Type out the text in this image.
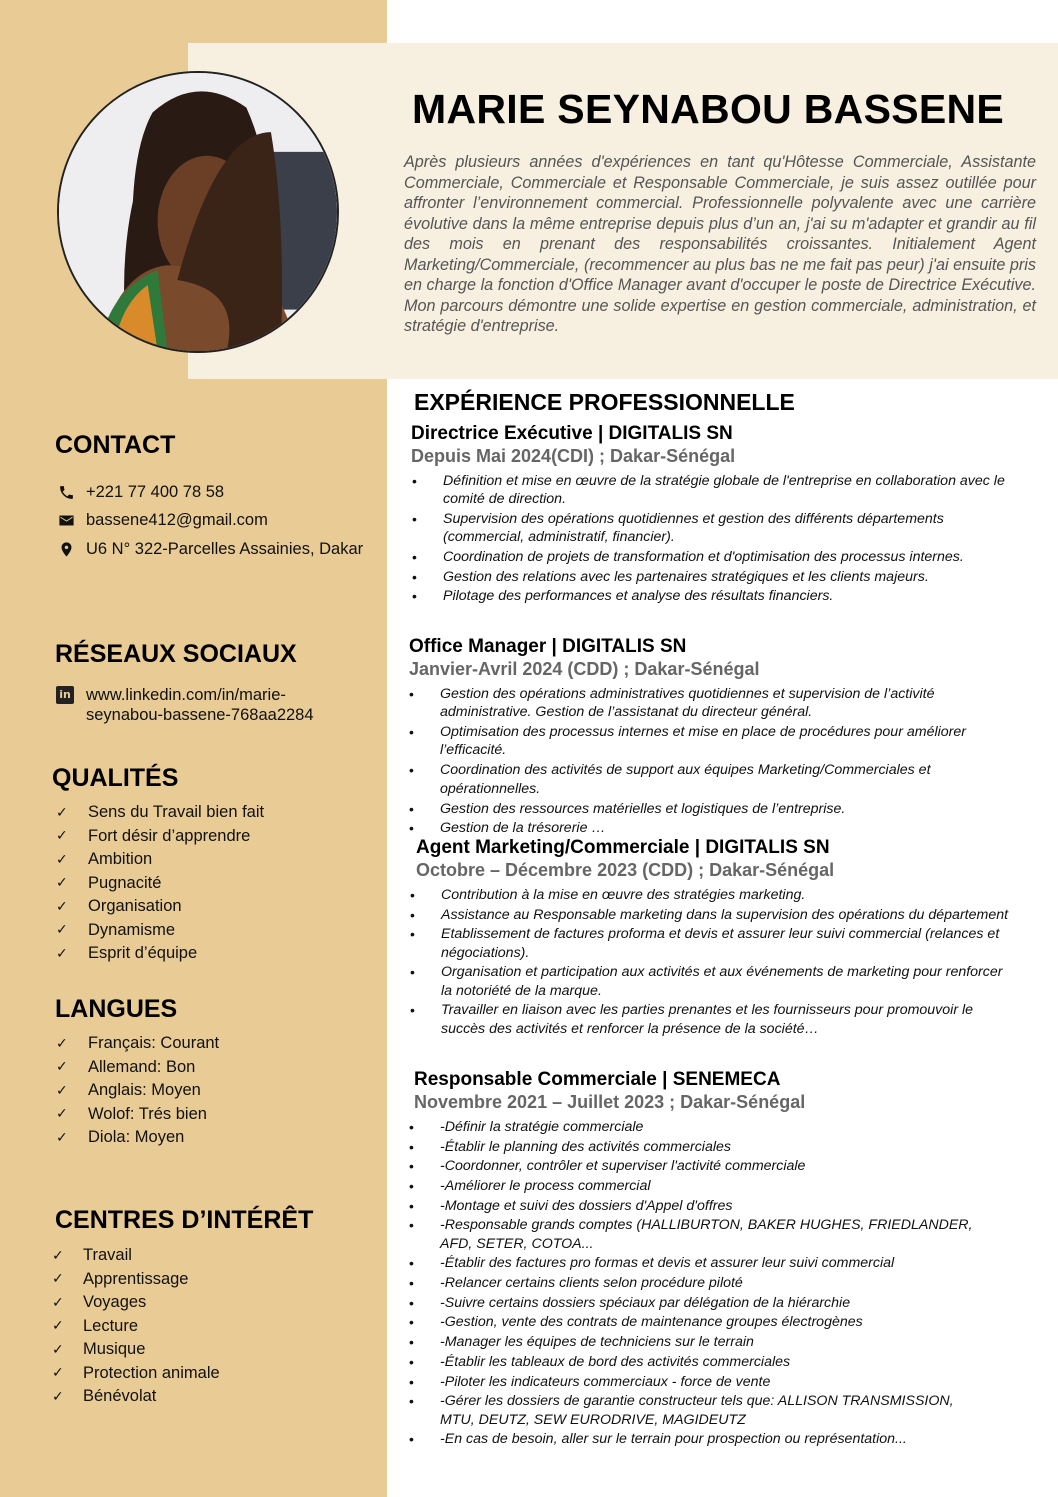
MARIE SEYNABOU BASSENE
Après plusieurs années d'expériences en tant qu'Hôtesse Commerciale, Assistante Commerciale, Commerciale et Responsable Commerciale, je suis assez outillée pour affronter l’environnement commercial. Professionnelle polyvalente avec une carrière évolutive dans la même entreprise depuis plus d’un an, j'ai su m'adapter et grandir au fil des mois en prenant des responsabilités croissantes. Initialement Agent Marketing/Commerciale, (recommencer au plus bas ne me fait pas peur) j'ai ensuite pris en charge la fonction d'Office Manager avant d'occuper le poste de Directrice Exécutive. Mon parcours démontre une solide expertise en gestion commerciale, administration, et stratégie d'entreprise.
CONTACT
+221 77 400 78 58
bassene412@gmail.com
U6 N° 322-Parcelles Assainies, Dakar
RÉSEAUX SOCIAUX
in www.linkedin.com/in/marie-seynabou-bassene-768aa2284
QUALITÉS
✓	Sens du Travail bien fait
✓	Fort désir d’apprendre
✓	Ambition
✓	Pugnacité
✓	Organisation
✓	Dynamisme
✓	Esprit d’équipe
LANGUES
✓	Français: Courant
✓	Allemand: Bon
✓	Anglais: Moyen
✓	Wolof: Trés bien
✓	Diola: Moyen
CENTRES D’INTÉRÊT
✓	Travail
✓	Apprentissage
✓	Voyages
✓	Lecture
✓	Musique
✓	Protection animale
✓	Bénévolat
EXPÉRIENCE PROFESSIONNELLE
Directrice Exécutive | DIGITALIS SN
Depuis Mai 2024(CDI) ; Dakar-Sénégal
• Définition et mise en œuvre de la stratégie globale de l'entreprise en collaboration avec le comité de direction.
• Supervision des opérations quotidiennes et gestion des différents départements (commercial, administratif, financier).
• Coordination de projets de transformation et d'optimisation des processus internes.
• Gestion des relations avec les partenaires stratégiques et les clients majeurs.
• Pilotage des performances et analyse des résultats financiers.
Office Manager | DIGITALIS SN
Janvier-Avril 2024 (CDD) ; Dakar-Sénégal
• Gestion des opérations administratives quotidiennes et supervision de l’activité administrative. Gestion de l’assistanat du directeur général.
• Optimisation des processus internes et mise en place de procédures pour améliorer l’efficacité.
• Coordination des activités de support aux équipes Marketing/Commerciales et opérationnelles.
• Gestion des ressources matérielles et logistiques de l’entreprise.
• Gestion de la trésorerie …
Agent Marketing/Commerciale | DIGITALIS SN
Octobre – Décembre 2023 (CDD) ; Dakar-Sénégal
• Contribution à la mise en œuvre des stratégies marketing.
• Assistance au Responsable marketing dans la supervision des opérations du département
• Etablissement de factures proforma et devis et assurer leur suivi commercial (relances et négociations).
• Organisation et participation aux activités et aux événements de marketing pour renforcer la notoriété de la marque.
• Travailler en liaison avec les parties prenantes et les fournisseurs pour promouvoir le succès des activités et renforcer la présence de la société…
Responsable Commerciale | SENEMECA
Novembre 2021 – Juillet 2023 ; Dakar-Sénégal
• -Définir la stratégie commerciale
• -Établir le planning des activités commerciales
• -Coordonner, contrôler et superviser l'activité commerciale
• -Améliorer le process commercial
• -Montage et suivi des dossiers d'Appel d'offres
• -Responsable grands comptes (HALLIBURTON, BAKER HUGHES, FRIEDLANDER, AFD, SETER, COTOA...
• -Établir des factures pro formas et devis et assurer leur suivi commercial
• -Relancer certains clients selon procédure piloté
• -Suivre certains dossiers spéciaux par délégation de la hiérarchie
• -Gestion, vente des contrats de maintenance groupes électrogènes
• -Manager les équipes de techniciens sur le terrain
• -Établir les tableaux de bord des activités commerciales
• -Piloter les indicateurs commerciaux - force de vente
• -Gérer les dossiers de garantie constructeur tels que: ALLISON TRANSMISSION, MTU, DEUTZ, SEW EURODRIVE, MAGIDEUTZ
• -En cas de besoin, aller sur le terrain pour prospection ou représentation...
